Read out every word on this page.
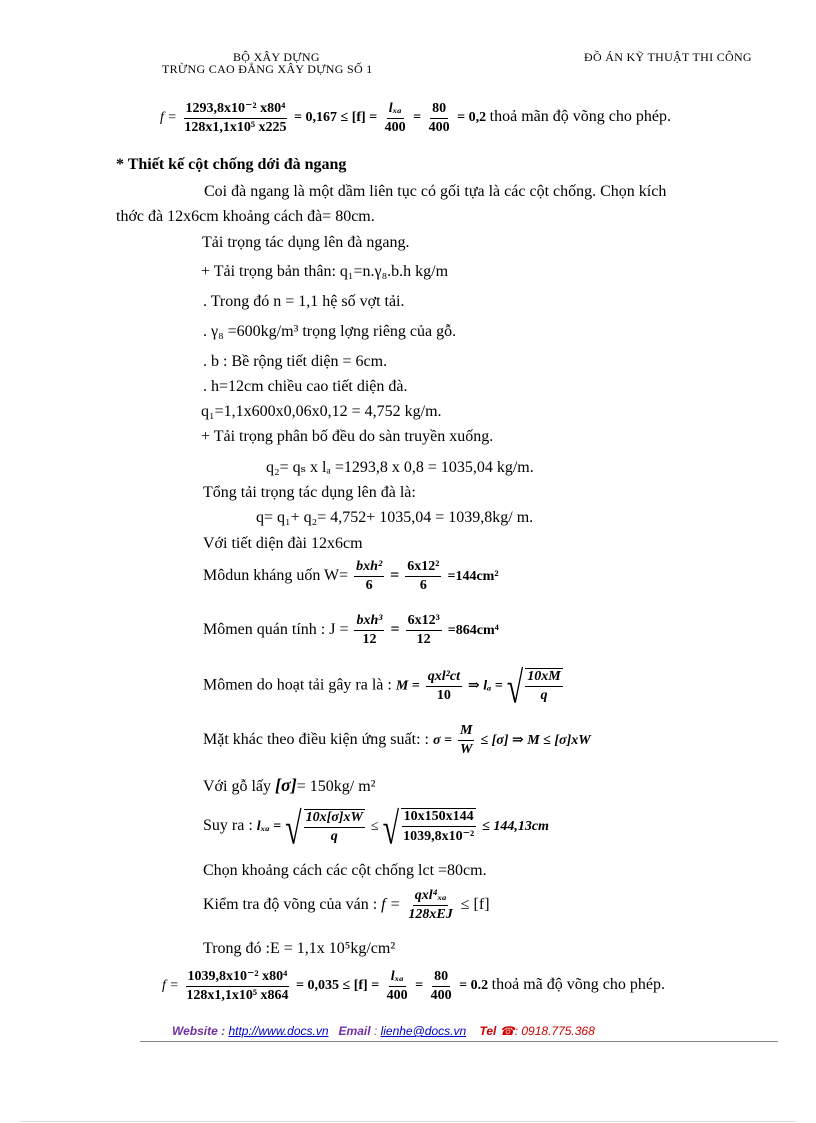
BỘ XÂY DỰNG
TRỪNG CAO ĐẲNG XÂY DỰNG SỐ 1
ĐỒ ÁN KỸ THUẬT THI CÔNG
$f = \frac{\text{1293,8x10⁻² x80⁴}}{\text{128x1,1x10⁵ x225}} = 0,167 \le [f] = \frac{\text{lₓₐ}}{400} = \frac{80}{400} = 0,2$ thoả mãn độ võng cho phép.
* Thiết kế cột chống dới đà ngang
Coi đà ngang là một dầm liên tục có gối tựa là các cột chống. Chọn kích
thớc đà 12x6cm khoảng cách đà= 80cm.
Tải trọng tác dụng lên đà ngang.
+ Tải trọng bản thân: q₁=n.γ₈.b.h kg/m
. Trong đó n = 1,1 hệ số vợt tải.
. γ₈ =600kg/m³ trọng lợng riêng của gỗ.
. b : Bề rộng tiết diện = 6cm.
. h=12cm chiều cao tiết diện đà.
q₁=1,1x600x0,06x0,12 = 4,752 kg/m.
+ Tải trọng phân bố đều do sàn truyền xuống.
q₂= qₛ x lₐ =1293,8 x 0,8 = 1035,04 kg/m.
Tổng tải trọng tác dụng lên đà là:
q= q₁+ q₂= 4,752+ 1035,04 = 1039,8kg/ m.
Với tiết diện đài 12x6cm
Môdun kháng uốn $W= \frac{\text{bxh²}}{6} = \frac{\text{6x12²}}{6} =144cm^2$
Mômen quán tính : $J = \frac{\text{bxh³}}{12} = \frac{\text{6x12³}}{12} =864cm^4$
Mômen do hoạt tải gây ra là : $M = \frac{\text{qxl²ct}}{10}$ ⇒ lₐ = √ $\frac{10xM}{q}$
Mặt khác theo điều kiện ứng suất: : $\sigma = \frac{M}{W} \le [\sigma]$ ⇒ M ≤ [σ]xW
Với gỗ lấy [σ]= 150kg/ m²
Suy ra : lₓₐ = √ $\frac{10x[\sigma]xW}{q}$ ≤ √ $\frac{10x150x144}{\text{1039,8x10⁻²}} \le 144,13cm$
Chọn khoảng cách các cột chống lct =80cm.
Kiểm tra độ võng của ván : $f = \frac{\text{qxl⁴ₓₐ}}{\text{128xEJ}} \le [f]$
Trong đó :E = 1,1x 10⁵kg/cm²
$f = \frac{\text{1039,8x10⁻² x80⁴}}{\text{128x1,1x10⁵ x864}} = 0,035 \le [f] = \frac{\text{lₓₐ}}{400} = \frac{80}{400} = 0.2$ thoả mã độ võng cho phép.
Website : http://www.docs.vn Email : lienhe@docs.vn Tel ☎: 0918.775.368
